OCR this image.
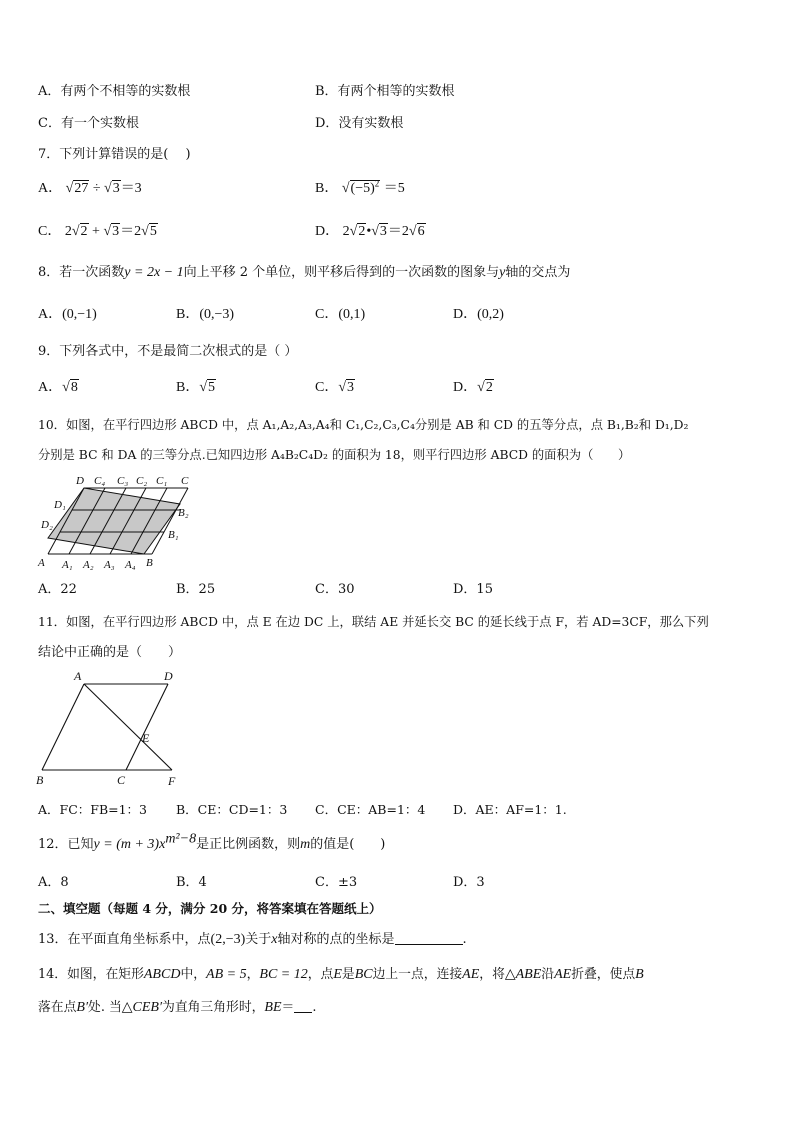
A．有两个不相等的实数根	B．有两个相等的实数根
C．有一个实数根	D．没有实数根
7．下列计算错误的是(　 )
A． √27 ÷ √3＝3	B． $√(-5)^2 =5$
C． 2√2 + √3＝2√5	D． 2√2•√3＝2√6
8．若一次函数y = 2x − 1向上平移 2 个单位，则平移后得到的一次函数的图象与y轴的交点为
A．(0,−1)	B．(0,−3)	C．(0,1)	D．(0,2)
9．下列各式中，不是最简二次根式的是（ ）
A．√8	B．√5	C．√3	D．√2
10．如图，在平行四边形 ABCD 中，点 A₁,A₂,A₃,A₄和 C₁,C₂,C₃,C₄分别是 AB 和 CD 的五等分点，点 B₁,B₂和 D₁,D₂
分别是 BC 和 DA 的三等分点.已知四边形 A₄B₂C₄D₂ 的面积为 18，则平行四边形 ABCD 的面积为（　　）
D C₄ C₃ C₂ C₁ C
D₁
D₂
B₂
B₁
A A₁ A₂ A₃ A₄ B
A．22	B．25	C．30	D．15
11．如图，在平行四边形 ABCD 中，点 E 在边 DC 上，联结 AE 并延长交 BC 的延长线于点 F，若 AD=3CF，那么下列
结论中正确的是（　　）
A	D
E
B	C	F
A．FC：FB=1：3 B．CE：CD=1：3 C．CE：AB=1：4 D．AE：AF=1：1.
12．已知$y = (m + 3)x^{m^2-8}$是正比例函数，则m的值是(　　)
A．8	B．4	C．±3	D．3
二、填空题（每题 4 分，满分 20 分，将答案填在答题纸上）
13．在平面直角坐标系中，点(2,−3)关于x轴对称的点的坐标是	.
14．如图，在矩形ABCD中，AB = 5，BC = 12，点E是BC边上一点，连接AE，将△ABE沿AE折叠，使点B
落在点B′处. 当△CEB′为直角三角形时，BE＝ .
